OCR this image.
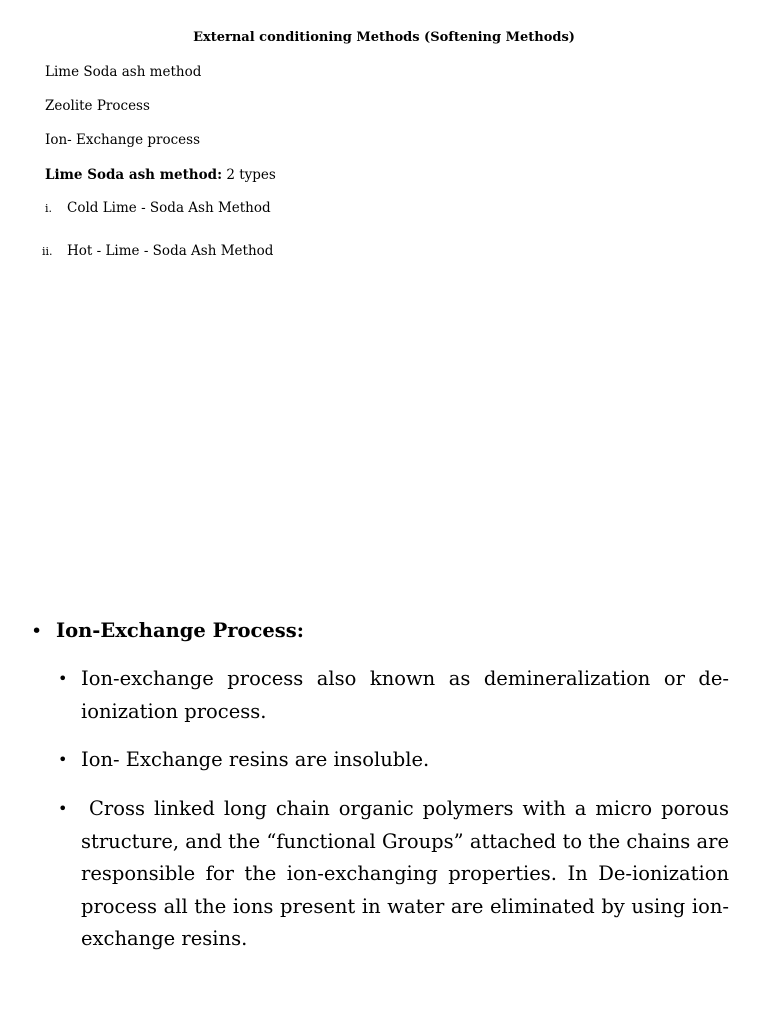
External conditioning Methods (Softening Methods)
Lime Soda ash method
Zeolite Process
Ion- Exchange process
Lime Soda ash method: 2 types
i. Cold Lime - Soda Ash Method
ii. Hot - Lime - Soda Ash Method
• Ion-Exchange Process:
• Ion-exchange process also known as demineralization or de-
ionization process.
• Ion- Exchange resins are insoluble.
•	Cross linked long chain organic polymers with a micro porous
structure, and the “functional Groups” attached to the chains are responsible for the ion-exchanging properties. In De-ionization process all the ions present in water are eliminated by using ion-exchange resins.
